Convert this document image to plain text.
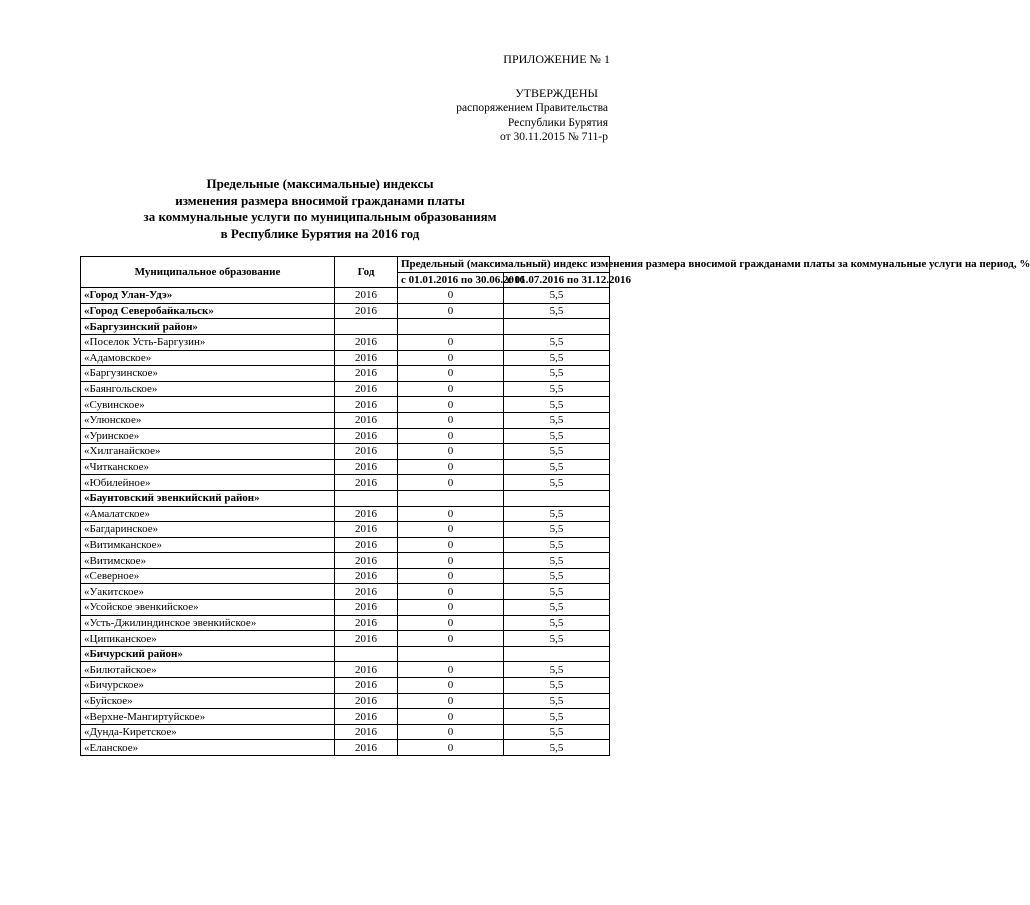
ПРИЛОЖЕНИЕ № 1
УТВЕРЖДЕНЫ
распоряжением Правительства
Республики Бурятия
от 30.11.2015 № 711-р
Предельные (максимальные) индексы
изменения размера вносимой гражданами платы
за коммунальные услуги по муниципальным образованиям
в Республике Бурятия на 2016 год
Муниципальное образование	Год	Предельный (максимальный) индекс изменения размера вносимой гражданами платы за коммунальные услуги на период, %	
		с 01.01.2016 по 30.06.2016	с 01.07.2016 по 31.12.2016
«Город Улан-Удэ»	2016	0	5,5
«Город Северобайкальск»	2016	0	5,5
«Баргузинский район»			
«Поселок Усть-Баргузин»	2016	0	5,5
«Адамовское»	2016	0	5,5
«Баргузинское»	2016	0	5,5
«Баянгольское»	2016	0	5,5
«Сувинское»	2016	0	5,5
«Улюнское»	2016	0	5,5
«Уринское»	2016	0	5,5
«Хилганайское»	2016	0	5,5
«Читканское»	2016	0	5,5
«Юбилейное»	2016	0	5,5
«Баунтовский эвенкийский район»			
«Амалатское»	2016	0	5,5
«Багдаринское»	2016	0	5,5
«Витимканское»	2016	0	5,5
«Витимское»	2016	0	5,5
«Северное»	2016	0	5,5
«Уакитское»	2016	0	5,5
«Усойское эвенкийское»	2016	0	5,5
«Усть-Джилиндинское эвенкийское»	2016	0	5,5
«Ципиканское»	2016	0	5,5
«Бичурский район»			
«Билютайское»	2016	0	5,5
«Бичурское»	2016	0	5,5
«Буйское»	2016	0	5,5
«Верхне-Мангиртуйское»	2016	0	5,5
«Дунда-Киретское»	2016	0	5,5
«Еланское»	2016	0	5,5
